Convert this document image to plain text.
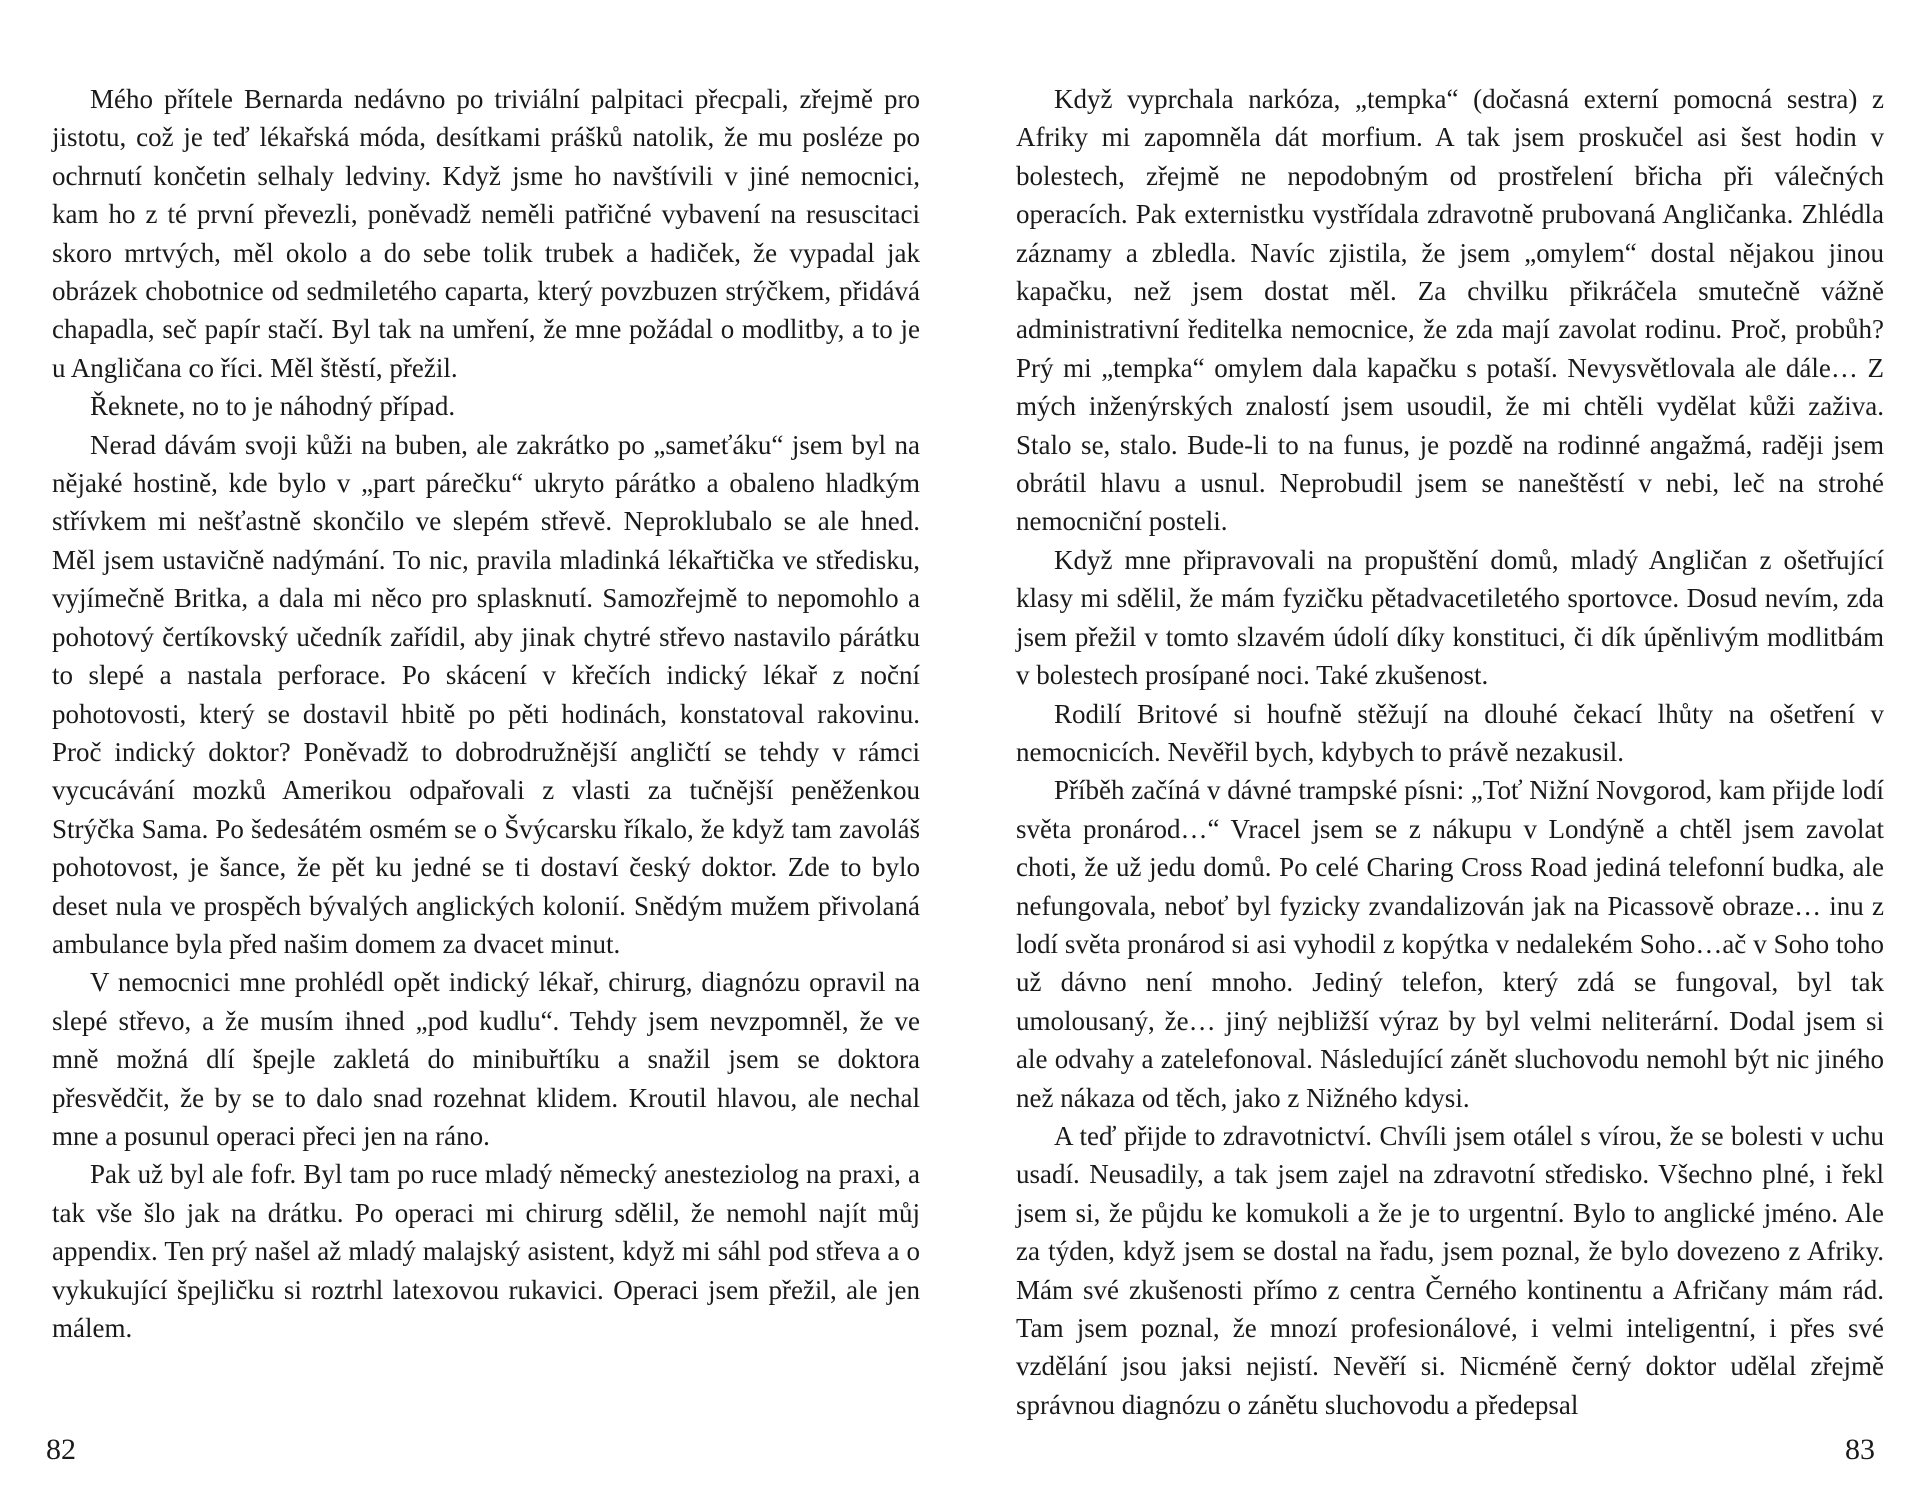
Mého přítele Bernarda nedávno po triviální palpitaci přecpali, zřejmě pro jistotu, což je teď lékařská móda, desítkami prášků natolik, že mu posléze po ochrnutí končetin selhaly ledviny. Když jsme ho navštívili v jiné nemocnici, kam ho z té první převezli, poněvadž neměli patřičné vybavení na resuscitaci skoro mrtvých, měl okolo a do sebe tolik trubek a hadiček, že vypadal jak obrázek chobotnice od sedmiletého caparta, který povzbuzen strýčkem, přidává chapadla, seč papír stačí. Byl tak na umření, že mne požádal o modlitby, a to je u Angličana co říci. Měl štěstí, přežil.

Řeknete, no to je náhodný případ.

Nerad dávám svoji kůži na buben, ale zakrátko po „sameťáku“ jsem byl na nějaké hostině, kde bylo v „part párečku“ ukryto párátko a obaleno hladkým střívkem mi nešťastně skončilo ve slepém střevě. Neproklubalo se ale hned. Měl jsem ustavičně nadýmání. To nic, pravila mladinká lékařtička ve středisku, vyjímečně Britka, a dala mi něco pro splasknutí. Samozřejmě to nepomohlo a pohotový čertíkovský učedník zařídil, aby jinak chytré střevo nastavilo párátku to slepé a nastala perforace. Po skácení v křečích indický lékař z noční pohotovosti, který se dostavil hbitě po pěti hodinách, konstatoval rakovinu. Proč indický doktor? Poněvadž to dobrodružnější angličtí se tehdy v rámci vycucávání mozků Amerikou odpařovali z vlasti za tučnější peněženkou Strýčka Sama. Po šedesátém osmém se o Švýcarsku říkalo, že když tam zavoláš pohotovost, je šance, že pět ku jedné se ti dostaví český doktor. Zde to bylo deset nula ve prospěch bývalých anglických kolonií. Snědým mužem přivolaná ambulance byla před našim domem za dvacet minut.

V nemocnici mne prohlédl opět indický lékař, chirurg, diagnózu opravil na slepé střevo, a že musím ihned „pod kudlu“. Tehdy jsem nevzpomněl, že ve mně možná dlí špejle zakletá do minibuřtíku a snažil jsem se doktora přesvědčit, že by se to dalo snad rozehnat klidem. Kroutil hlavou, ale nechal mne a posunul operaci přeci jen na ráno.

Pak už byl ale fofr. Byl tam po ruce mladý německý anesteziolog na praxi, a tak vše šlo jak na drátku. Po operaci mi chirurg sdělil, že nemohl najít můj appendix. Ten prý našel až mladý malajský asistent, když mi sáhl pod střeva a o vykukující špejličku si roztrhl latexovou rukavici. Operaci jsem přežil, ale jen málem.

82

Když vyprchala narkóza, „tempka“ (dočasná externí pomocná sestra) z Afriky mi zapomněla dát morfium. A tak jsem proskučel asi šest hodin v bolestech, zřejmě ne nepodobným od prostřelení břicha při válečných operacích. Pak externistku vystřídala zdravotně prubovaná Angličanka. Zhlédla záznamy a zbledla. Navíc zjistila, že jsem „omylem“ dostal nějakou jinou kapačku, než jsem dostat měl. Za chvilku přikráčela smutečně vážně administrativní ředitelka nemocnice, že zda mají zavolat rodinu. Proč, probůh? Prý mi „tempka“ omylem dala kapačku s potaší. Nevysvětlovala ale dále… Z mých inženýrských znalostí jsem usoudil, že mi chtěli vydělat kůži zaživa. Stalo se, stalo. Bude-li to na funus, je pozdě na rodinné angažmá, raději jsem obrátil hlavu a usnul. Neprobudil jsem se naneštěstí v nebi, leč na strohé nemocniční posteli.

Když mne připravovali na propuštění domů, mladý Angličan z ošetřující klasy mi sdělil, že mám fyzičku pětadvacetiletého sportovce. Dosud nevím, zda jsem přežil v tomto slzavém údolí díky konstituci, či dík úpěnlivým modlitbám v bolestech prosípané noci. Také zkušenost.

Rodilí Britové si houfně stěžují na dlouhé čekací lhůty na ošetření v nemocnicích. Nevěřil bych, kdybych to právě nezakusil.

Příběh začíná v dávné trampské písni: „Toť Nižní Novgorod, kam přijde lodí světa pronárod…“ Vracel jsem se z nákupu v Londýně a chtěl jsem zavolat choti, že už jedu domů. Po celé Charing Cross Road jediná telefonní budka, ale nefungovala, neboť byl fyzicky zvandalizován jak na Picassově obraze… inu z lodí světa pronárod si asi vyhodil z kopýtka v nedalekém Soho…ač v Soho toho už dávno není mnoho. Jediný telefon, který zdá se fungoval, byl tak umolousaný, že… jiný nejbližší výraz by byl velmi neliterární. Dodal jsem si ale odvahy a zatelefonoval. Následující zánět sluchovodu nemohl být nic jiného než nákaza od těch, jako z Nižného kdysi.

A teď přijde to zdravotnictví. Chvíli jsem otálel s vírou, že se bolesti v uchu usadí. Neusadily, a tak jsem zajel na zdravotní středisko. Všechno plné, i řekl jsem si, že půjdu ke komukoli a že je to urgentní. Bylo to anglické jméno. Ale za týden, když jsem se dostal na řadu, jsem poznal, že bylo dovezeno z Afriky. Mám své zkušenosti přímo z centra Černého kontinentu a Afričany mám rád. Tam jsem poznal, že mnozí profesionálové, i velmi inteligentní, i přes své vzdělání jsou jaksi nejistí. Nevěří si. Nicméně černý doktor udělal zřejmě správnou diagnózu o zánětu sluchovodu a předepsal

83
